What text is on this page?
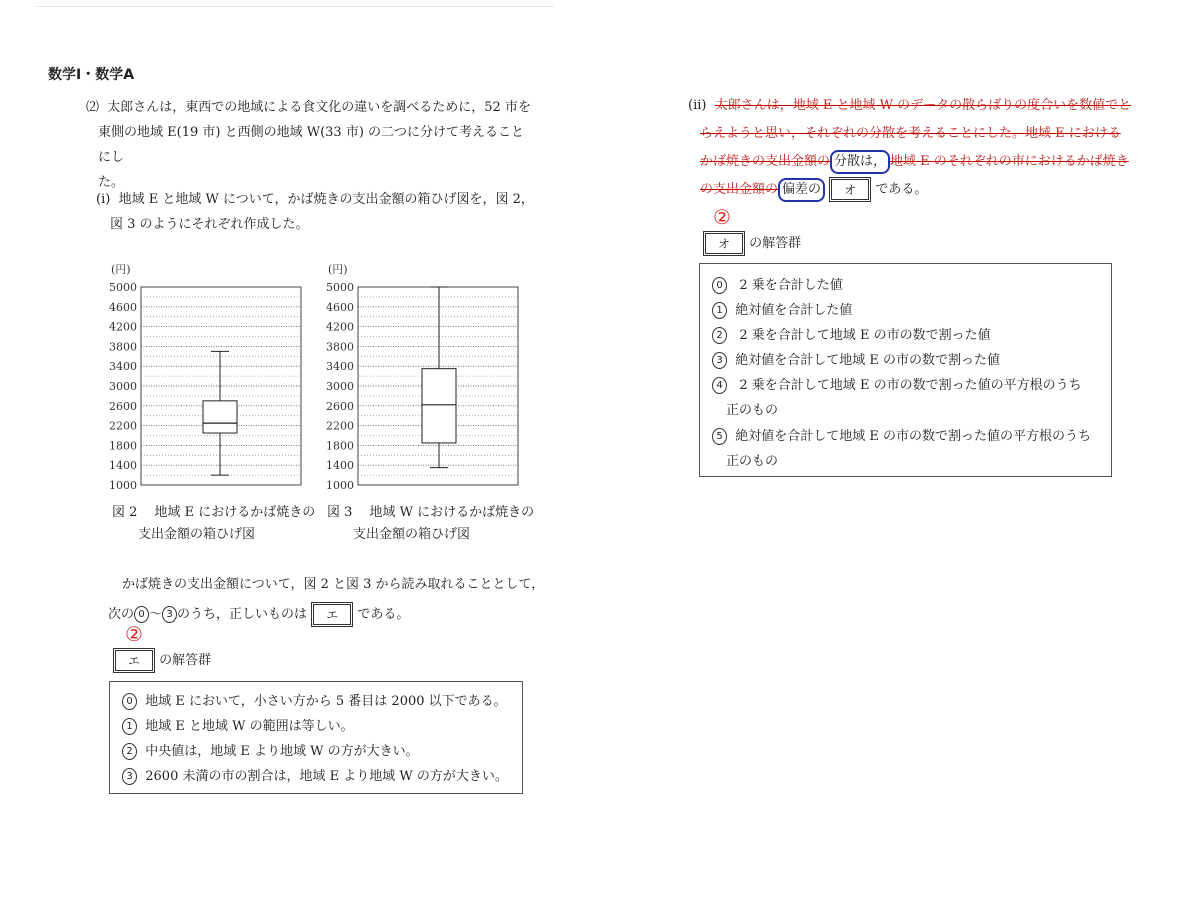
数学Ⅰ・数学A
⑵ 太郎さんは，東西での地域による食文化の違いを調べるために，52 市を
東側の地域 E(19 市) と西側の地域 W(33 市) の二つに分けて考えることにし
た。
(i) 地域 E と地域 W について，かば焼きの支出金額の箱ひげ図を，図 2，
図 3 のようにそれぞれ作成した。
(円)
1000
1400
1800
2200
2600
3000
3400
3800
4200
4600
5000
(円)
1000
1400
1800
2200
2600
3000
3400
3800
4200
4600
5000
図 2　 地域 E におけるかば焼きの
支出金額の箱ひげ図
図 3　 地域 W におけるかば焼きの
支出金額の箱ひげ図
かば焼きの支出金額について，図 2 と図 3 から読み取れることとして，
次の 0 ～ 3 のうち，正しいものは エ である。
②
エ の解答群
0 地域 E において，小さい方から 5 番目は 2000 以下である。
1 地域 E と地域 W の範囲は等しい。
2 中央値は，地域 E より地域 W の方が大きい。
3 2600 未満の市の割合は，地域 E より地域 W の方が大きい。
(ii) 太郎さんは，地域 E と地域 W のデータの散らばりの度合いを数値でと
らえようと思い，それぞれの分散を考えることにした。地域 E における
かば焼きの支出金額の 分散は， 地域 E のそれぞれの市におけるかば焼き
の支出金額の 偏差の オ である。
②
オ の解答群
0 2 乗を合計した値
1 絶対値を合計した値
2 2 乗を合計して地域 E の市の数で割った値
3 絶対値を合計して地域 E の市の数で割った値
4 2 乗を合計して地域 E の市の数で割った値の平方根のうち
正のもの
5 絶対値を合計して地域 E の市の数で割った値の平方根のうち
正のもの
